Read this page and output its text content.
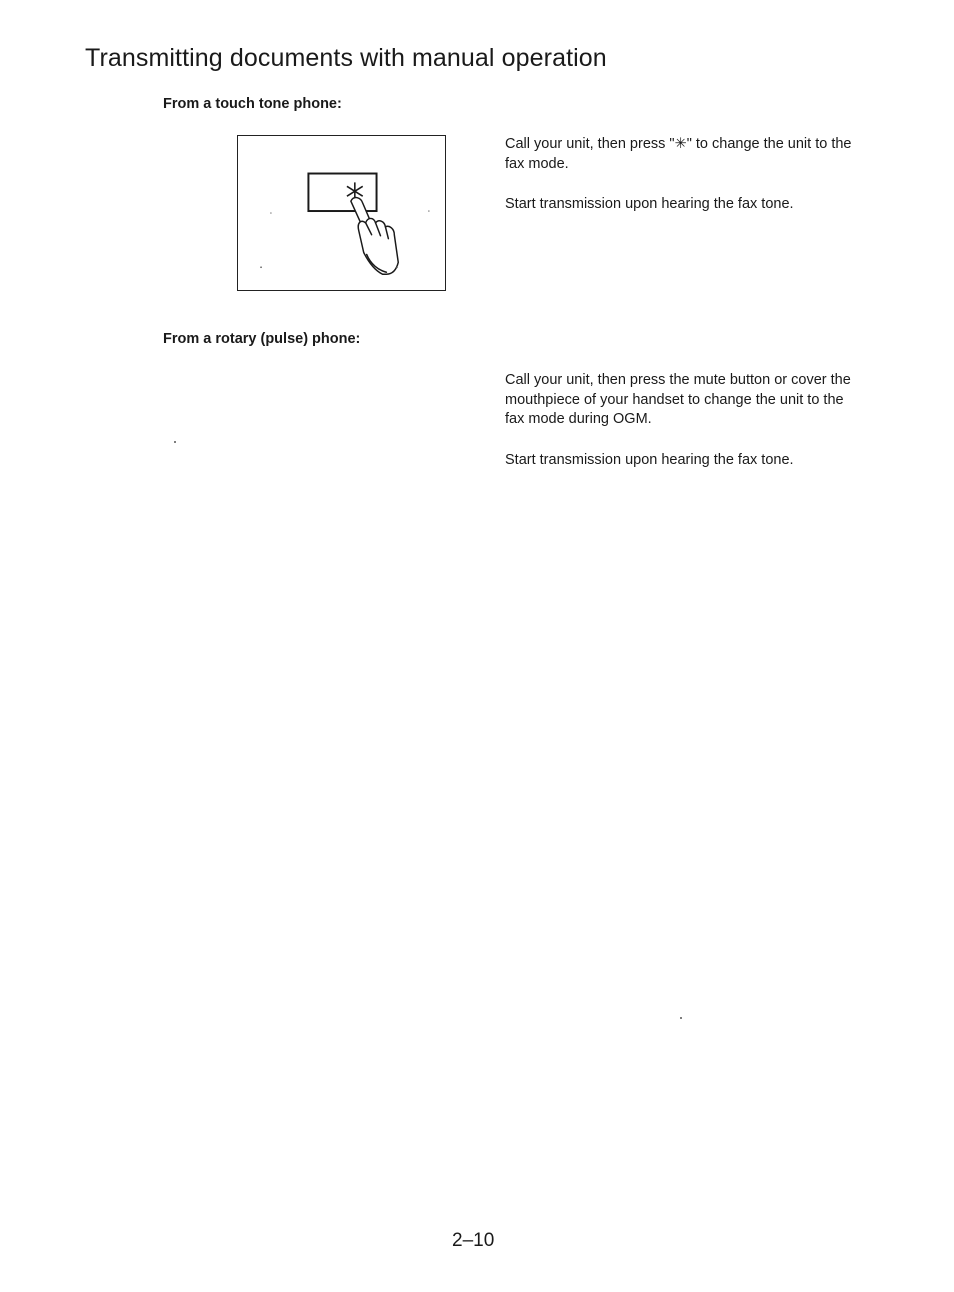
Transmitting documents with manual operation
From a touch tone phone:

Call your unit, then press "✳" to change the unit to the fax mode.

Start transmission upon hearing the fax tone.

From a rotary (pulse) phone:

Call your unit, then press the mute button or cover the mouthpiece of your handset to change the unit to the fax mode during OGM.

Start transmission upon hearing the fax tone.

2–10
